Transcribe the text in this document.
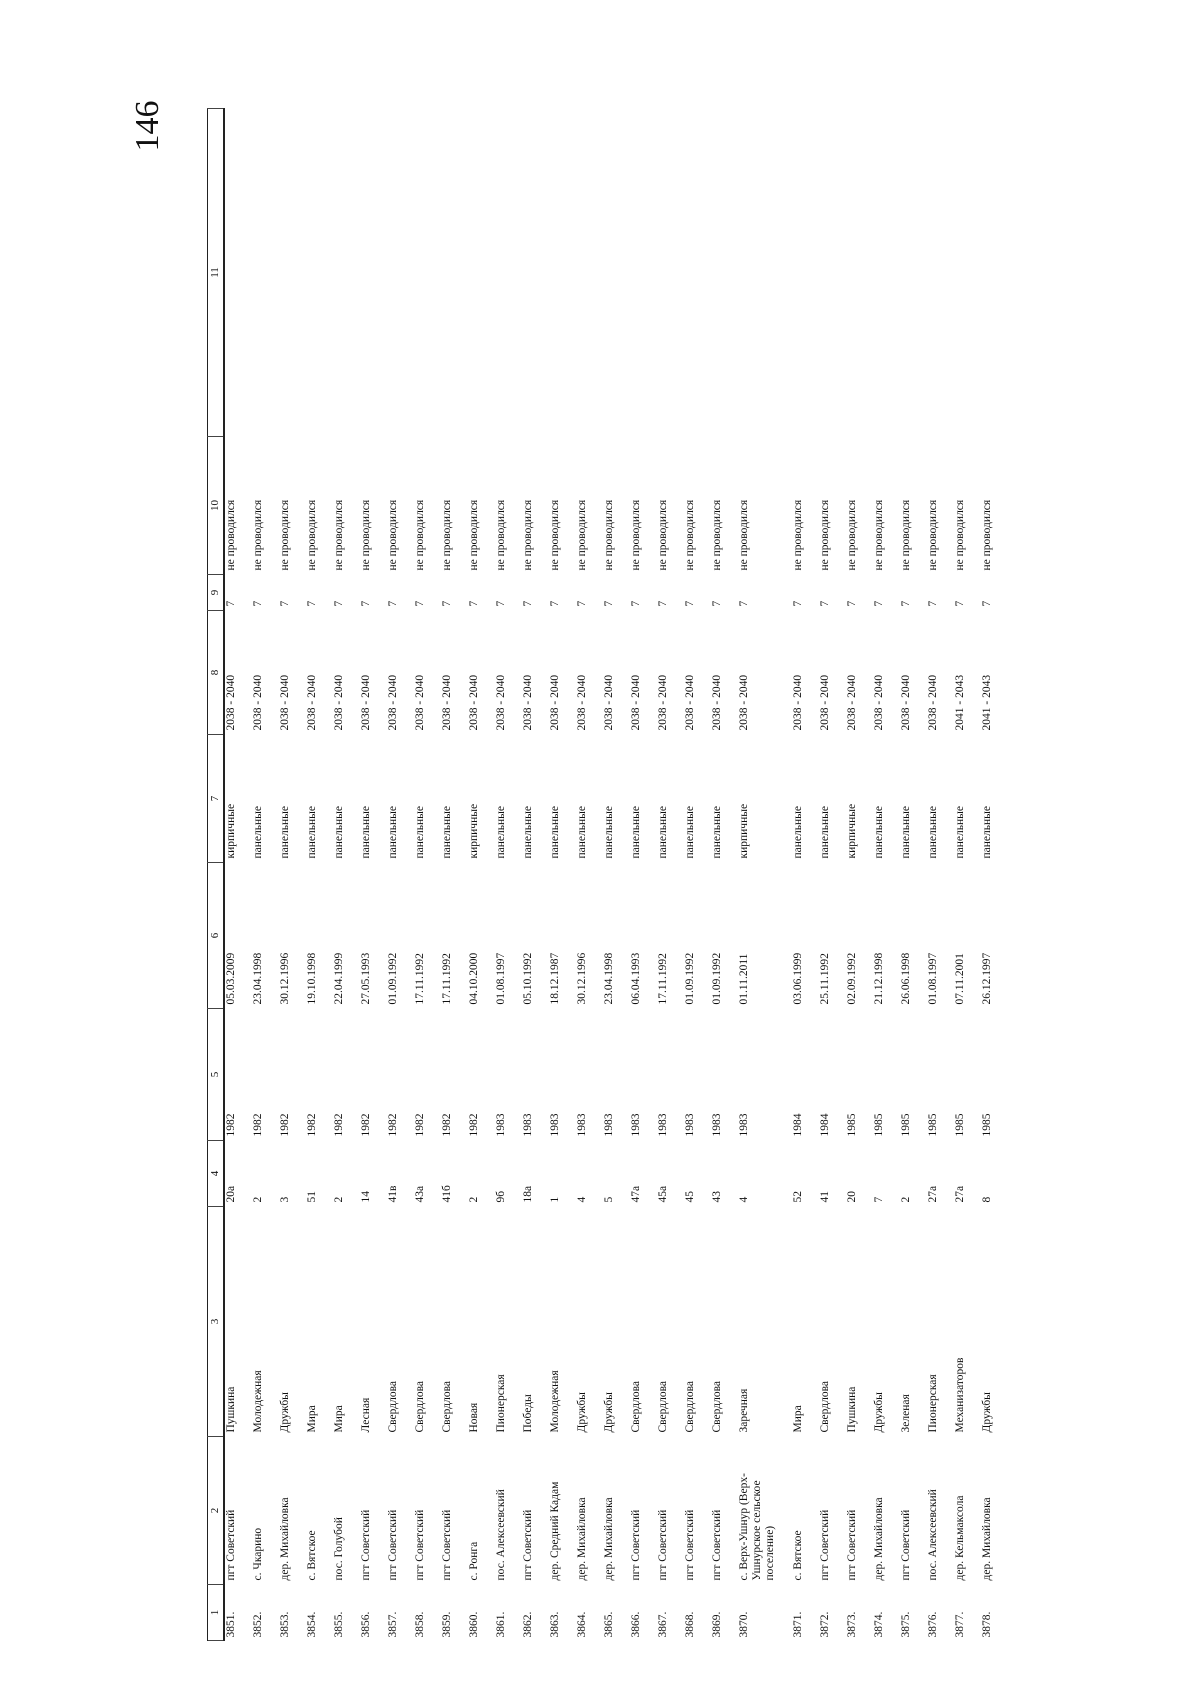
146
1	2	3	4	5	6	7	8	9	10	11
3851.	пгт Советский	Пушкина	20а	1982	05.03.2009	кирпичные	2038 - 2040	7	не проводился	
3852.	с. Чкарино	Молодежная	2	1982	23.04.1998	панельные	2038 - 2040	7	не проводился	
3853.	дер. Михайловка	Дружбы	3	1982	30.12.1996	панельные	2038 - 2040	7	не проводился	
3854.	с. Вятское	Мира	51	1982	19.10.1998	панельные	2038 - 2040	7	не проводился	
3855.	пос. Голубой	Мира	2	1982	22.04.1999	панельные	2038 - 2040	7	не проводился	
3856.	пгт Советский	Лесная	14	1982	27.05.1993	панельные	2038 - 2040	7	не проводился	
3857.	пгт Советский	Свердлова	41в	1982	01.09.1992	панельные	2038 - 2040	7	не проводился	
3858.	пгт Советский	Свердлова	43а	1982	17.11.1992	панельные	2038 - 2040	7	не проводился	
3859.	пгт Советский	Свердлова	41б	1982	17.11.1992	панельные	2038 - 2040	7	не проводился	
3860.	с. Ронга	Новая	2	1982	04.10.2000	кирпичные	2038 - 2040	7	не проводился	
3861.	пос. Алексеевский	Пионерская	9б	1983	01.08.1997	панельные	2038 - 2040	7	не проводился	
3862.	пгт Советский	Победы	18а	1983	05.10.1992	панельные	2038 - 2040	7	не проводился	
3863.	дер. Средний Кадам	Молодежная	1	1983	18.12.1987	панельные	2038 - 2040	7	не проводился	
3864.	дер. Михайловка	Дружбы	4	1983	30.12.1996	панельные	2038 - 2040	7	не проводился	
3865.	дер. Михайловка	Дружбы	5	1983	23.04.1998	панельные	2038 - 2040	7	не проводился	
3866.	пгт Советский	Свердлова	47а	1983	06.04.1993	панельные	2038 - 2040	7	не проводился	
3867.	пгт Советский	Свердлова	45а	1983	17.11.1992	панельные	2038 - 2040	7	не проводился	
3868.	пгт Советский	Свердлова	45	1983	01.09.1992	панельные	2038 - 2040	7	не проводился	
3869.	пгт Советский	Свердлова	43	1983	01.09.1992	панельные	2038 - 2040	7	не проводился	
3870.	с. Верх-Ушнур (Верх-Ушнурское сельское поселение)	Заречная	4	1983	01.11.2011	кирпичные	2038 - 2040	7	не проводился	
3871.	с. Вятское	Мира	52	1984	03.06.1999	панельные	2038 - 2040	7	не проводился	
3872.	пгт Советский	Свердлова	41	1984	25.11.1992	панельные	2038 - 2040	7	не проводился	
3873.	пгт Советский	Пушкина	20	1985	02.09.1992	кирпичные	2038 - 2040	7	не проводился	
3874.	дер. Михайловка	Дружбы	7	1985	21.12.1998	панельные	2038 - 2040	7	не проводился	
3875.	пгт Советский	Зеленая	2	1985	26.06.1998	панельные	2038 - 2040	7	не проводился	
3876.	пос. Алексеевский	Пионерская	27а	1985	01.08.1997	панельные	2038 - 2040	7	не проводился	
3877.	дер. Кельмаксола	Механизаторов	27а	1985	07.11.2001	панельные	2041 - 2043	7	не проводился	
3878.	дер. Михайловка	Дружбы	8	1985	26.12.1997	панельные	2041 - 2043	7	не проводился	
